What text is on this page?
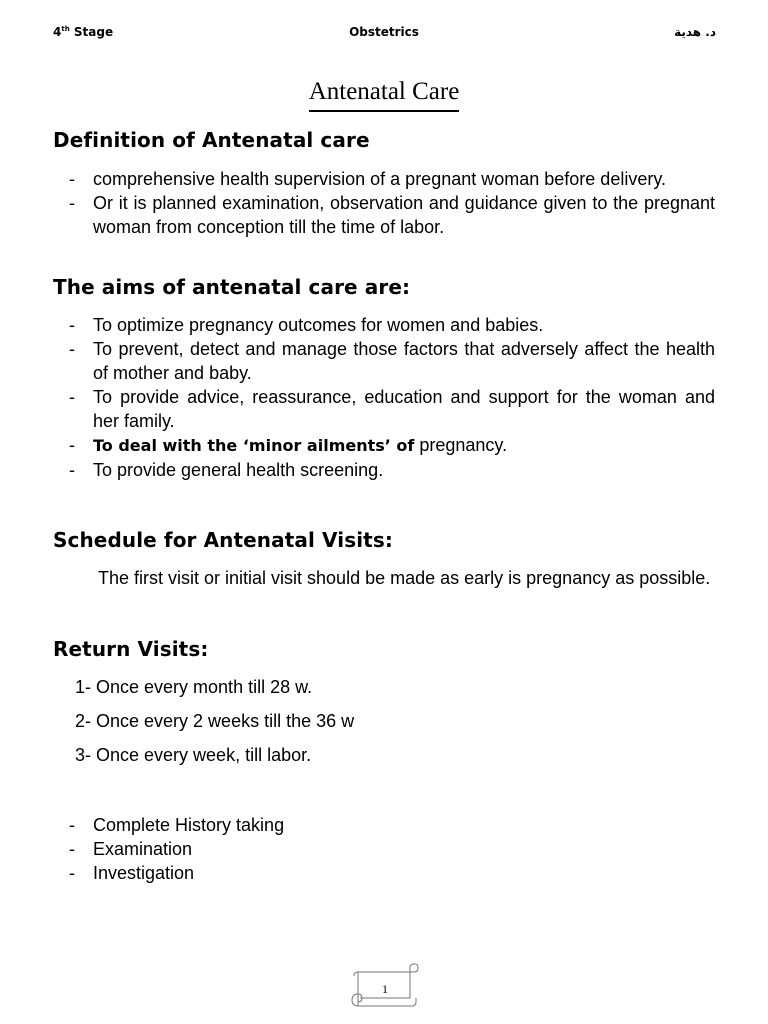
4th Stage	Obstetrics	د. هدية
Antenatal Care
Definition of Antenatal care
- comprehensive health supervision of a pregnant woman before delivery.
- Or it is planned examination, observation and guidance given to the pregnant woman from conception till the time of labor.
The aims of antenatal care are:
- To optimize pregnancy outcomes for women and babies.
- To prevent, detect and manage those factors that adversely affect the health of mother and baby.
- To provide advice, reassurance, education and support for the woman and her family.
- To deal with the ‘minor ailments’ of pregnancy.
- To provide general health screening.
Schedule for Antenatal Visits:
The first visit or initial visit should be made as early is pregnancy as possible.
Return Visits:
1- Once every month till 28 w.
2- Once every 2 weeks till the 36 w
3- Once every week, till labor.
- Complete History taking
- Examination
- Investigation
1
